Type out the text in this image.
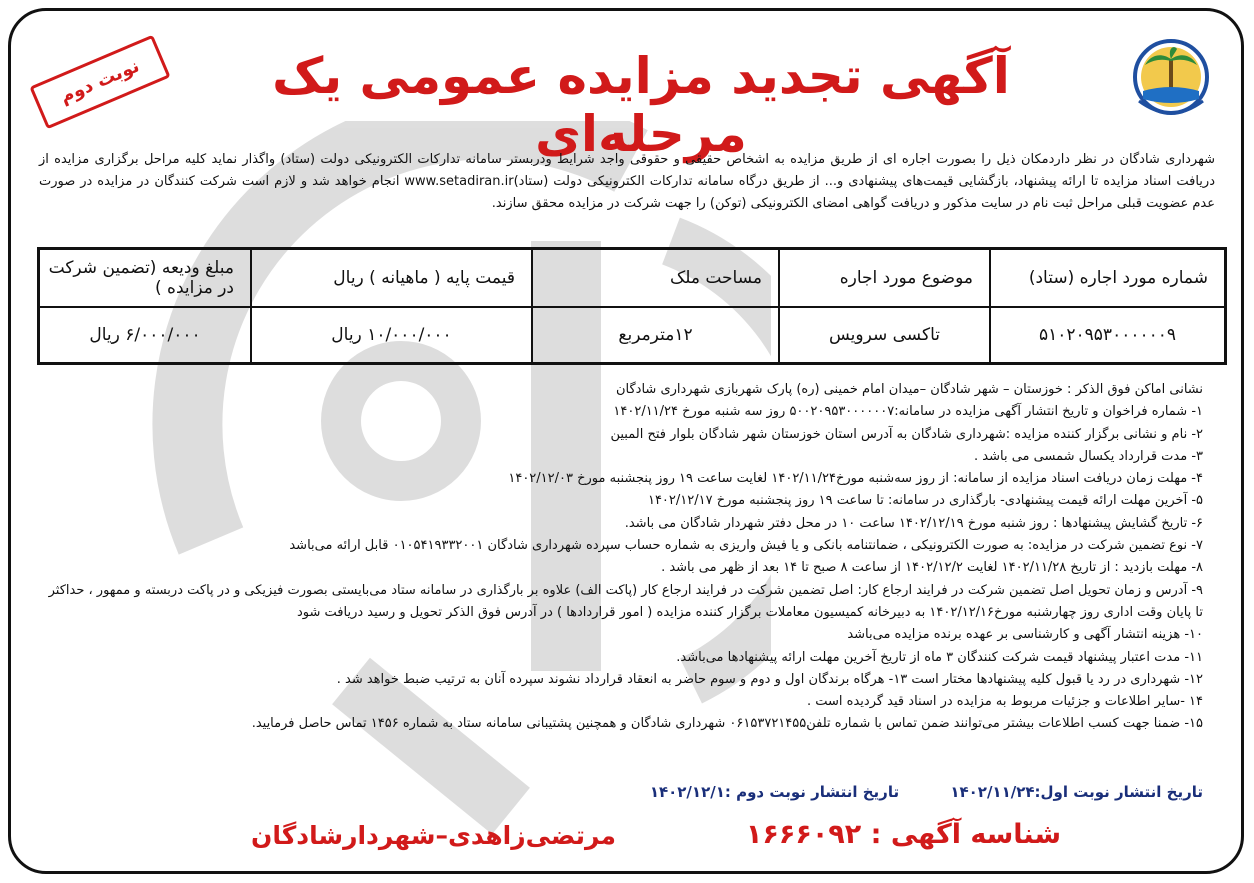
آگهی تجدید مزایده عمومی یک مرحله‌ای
نوبت دوم
شهرداری شادگان در نظر داردمکان ذیل را بصورت اجاره ای از طریق مزایده به اشخاص حقیقی و حقوقی واجد شرایط ودربستر سامانه تدارکات الکترونیکی دولت (ستاد) واگذار نماید کلیه مراحل برگزاری مزایده از دریافت اسناد مزایده تا ارائه پیشنهاد، بازگشایی قیمت‌های پیشنهادی و... از طریق درگاه سامانه تدارکات الکترونیکی دولت (ستاد)www.setadiran.ir انجام خواهد شد و لازم است شرکت کنندگان در مزایده در صورت عدم عضویت قبلی مراحل ثبت نام در سایت مذکور و دریافت گواهی امضای الکترونیکی (توکن) را جهت شرکت در مزایده محقق سازند.
شماره مورد اجاره (ستاد)	موضوع مورد اجاره	مساحت ملک	قیمت پایه ( ماهیانه ) ریال	مبلغ ودیعه (تضمین شرکت در مزایده )
۵۱۰۲۰۹۵۳۰۰۰۰۰۰۹	تاکسی سرویس	۱۲مترمربع	۱۰/۰۰۰/۰۰۰ ریال	۶/۰۰۰/۰۰۰ ریال
نشانی اماکن فوق الذکر : خوزستان – شهر شادگان –میدان امام خمینی (ره) پارک شهربازی شهرداری شادگان
۱- شماره فراخوان و تاریخ انتشار آگهی مزایده در سامانه:۵۰۰۲۰۹۵۳۰۰۰۰۰۰۷ روز سه شنبه مورخ ۱۴۰۲/۱۱/۲۴
۲- نام و نشانی برگزار کننده مزایده :شهرداری شادگان به آدرس استان خوزستان شهر شادگان بلوار فتح المبین
۳- مدت قرارداد یکسال شمسی می باشد .
۴- مهلت زمان دریافت اسناد مزایده از سامانه: از روز سه‌شنبه مورخ۱۴۰۲/۱۱/۲۴ لغایت ساعت ۱۹ روز پنجشنبه مورخ ۱۴۰۲/۱۲/۰۳
۵- آخرین مهلت ارائه قیمت پیشنهادی- بارگذاری در سامانه: تا ساعت ۱۹ روز پنجشنبه مورخ ۱۴۰۲/۱۲/۱۷
۶- تاریخ گشایش پیشنهادها : روز شنبه مورخ ۱۴۰۲/۱۲/۱۹ ساعت ۱۰ در محل دفتر شهردار شادگان می باشد.
۷- نوع تضمین شرکت در مزایده: به صورت الکترونیکی ، ضمانتنامه بانکی و یا فیش واریزی به شماره حساب سپرده شهرداری شادگان ۰۱۰۵۴۱۹۳۳۲۰۰۱ قابل ارائه می‌باشد
۸- مهلت بازدید : از تاریخ ۱۴۰۲/۱۱/۲۸ لغایت ۱۴۰۲/۱۲/۲ از ساعت ۸ صبح تا ۱۴ بعد از ظهر می باشد .
۹- آدرس و زمان تحویل اصل تضمین شرکت در فرایند ارجاع کار: اصل تضمین شرکت در فرایند ارجاع کار (پاکت الف) علاوه بر بارگذاری در سامانه ستاد می‌بایستی بصورت فیزیکی و در پاکت دربسته و ممهور ، حداکثر تا پایان وقت اداری روز چهارشنبه مورخ۱۴۰۲/۱۲/۱۶ به دبیرخانه کمیسیون معاملات برگزار کننده مزایده ( امور قراردادها ) در آدرس فوق الذکر تحویل و رسید دریافت شود
۱۰- هزینه انتشار آگهی و کارشناسی بر عهده برنده مزایده می‌باشد
۱۱- مدت اعتبار پیشنهاد قیمت شرکت کنندگان ۳ ماه از تاریخ آخرین مهلت ارائه پیشنهادها می‌باشد.
۱۲- شهرداری در رد یا قبول کلیه پیشنهادها مختار است ۱۳- هرگاه برندگان اول و دوم و سوم حاضر به انعقاد قرارداد نشوند سپرده آنان به ترتیب ضبط خواهد شد .
۱۴ -سایر اطلاعات و جزئیات مربوط به مزایده در اسناد قید گردیده است .
۱۵- ضمنا جهت کسب اطلاعات بیشتر می‌توانند ضمن تماس با شماره تلفن۰۶۱۵۳۷۲۱۴۵۵ شهرداری شادگان و همچنین پشتیبانی سامانه ستاد به شماره ۱۴۵۶ تماس حاصل فرمایید.
تاریخ انتشار نوبت اول:۱۴۰۲/۱۱/۲۴ تاریخ انتشار نوبت دوم :۱۴۰۲/۱۲/۱
شناسه آگهی : ۱۶۶۶۰۹۲
مرتضی‌زاهدی–شهردارشادگان
